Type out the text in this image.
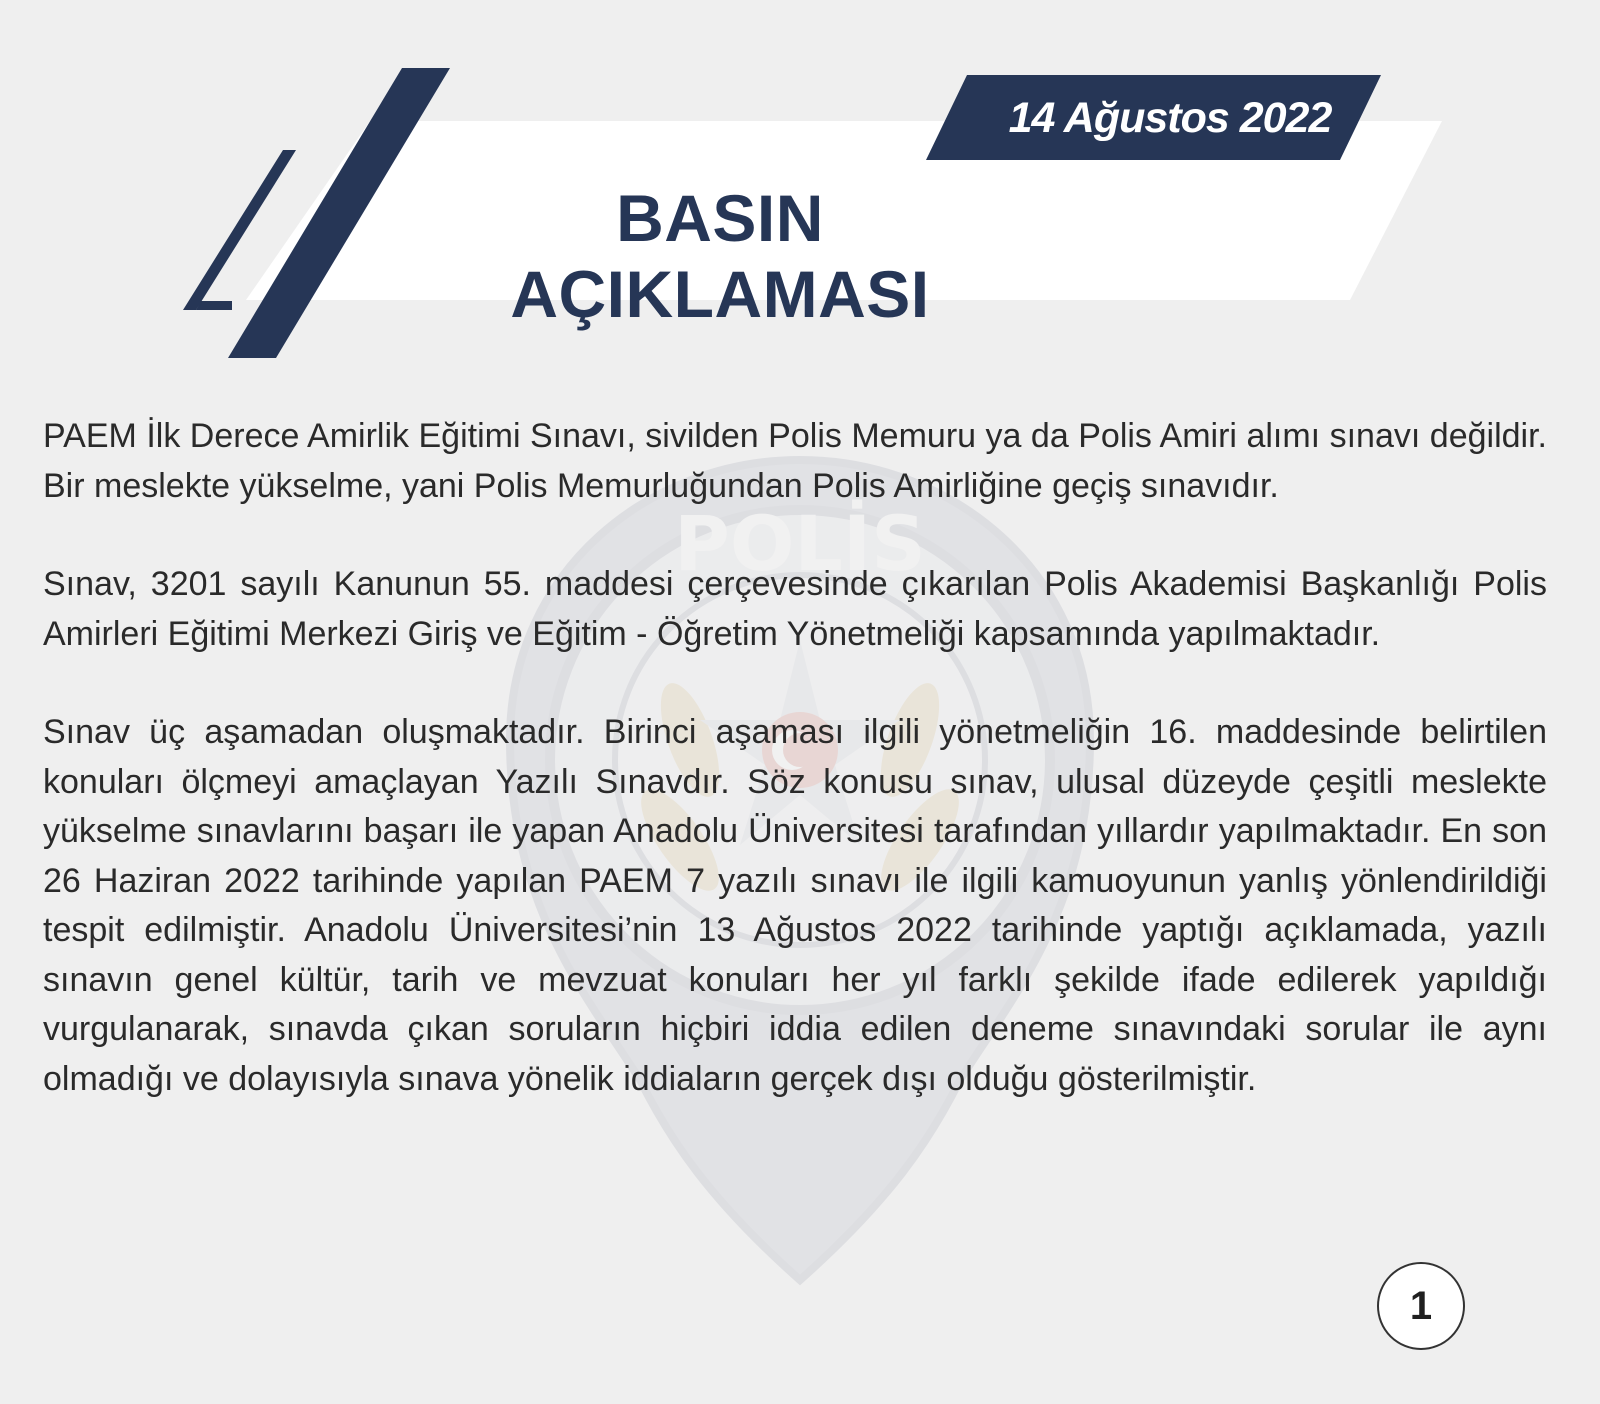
POLİS
14 Ağustos 2022
BASIN AÇIKLAMASI

PAEM İlk Derece Amirlik Eğitimi Sınavı, sivilden Polis Memuru ya da Polis Amiri alımı sınavı değildir. Bir meslekte yükselme, yani Polis Memurluğundan Polis Amirliğine geçiş sınavıdır.

Sınav, 3201 sayılı Kanunun 55. maddesi çerçevesinde çıkarılan Polis Akademisi Başkanlığı Polis Amirleri Eğitimi Merkezi Giriş ve Eğitim - Öğretim Yönetmeliği kapsamında yapılmaktadır.

Sınav üç aşamadan oluşmaktadır. Birinci aşaması ilgili yönetmeliğin 16. maddesinde belirtilen konuları ölçmeyi amaçlayan Yazılı Sınavdır. Söz konusu sınav, ulusal düzeyde çeşitli meslekte yükselme sınavlarını başarı ile yapan Anadolu Üniversitesi tarafından yıllardır yapılmaktadır. En son 26 Haziran 2022 tarihinde yapılan PAEM 7 yazılı sınavı ile ilgili kamuoyunun yanlış yönlendirildiği tespit edilmiştir. Anadolu Üniversitesi’nin 13 Ağustos 2022 tarihinde yaptığı açıklamada, yazılı sınavın genel kültür, tarih ve mevzuat konuları her yıl farklı şekilde ifade edilerek yapıldığı vurgulanarak, sınavda çıkan soruların hiçbiri iddia edilen deneme sınavındaki sorular ile aynı olmadığı ve dolayısıyla sınava yönelik iddiaların gerçek dışı olduğu gösterilmiştir.

1
